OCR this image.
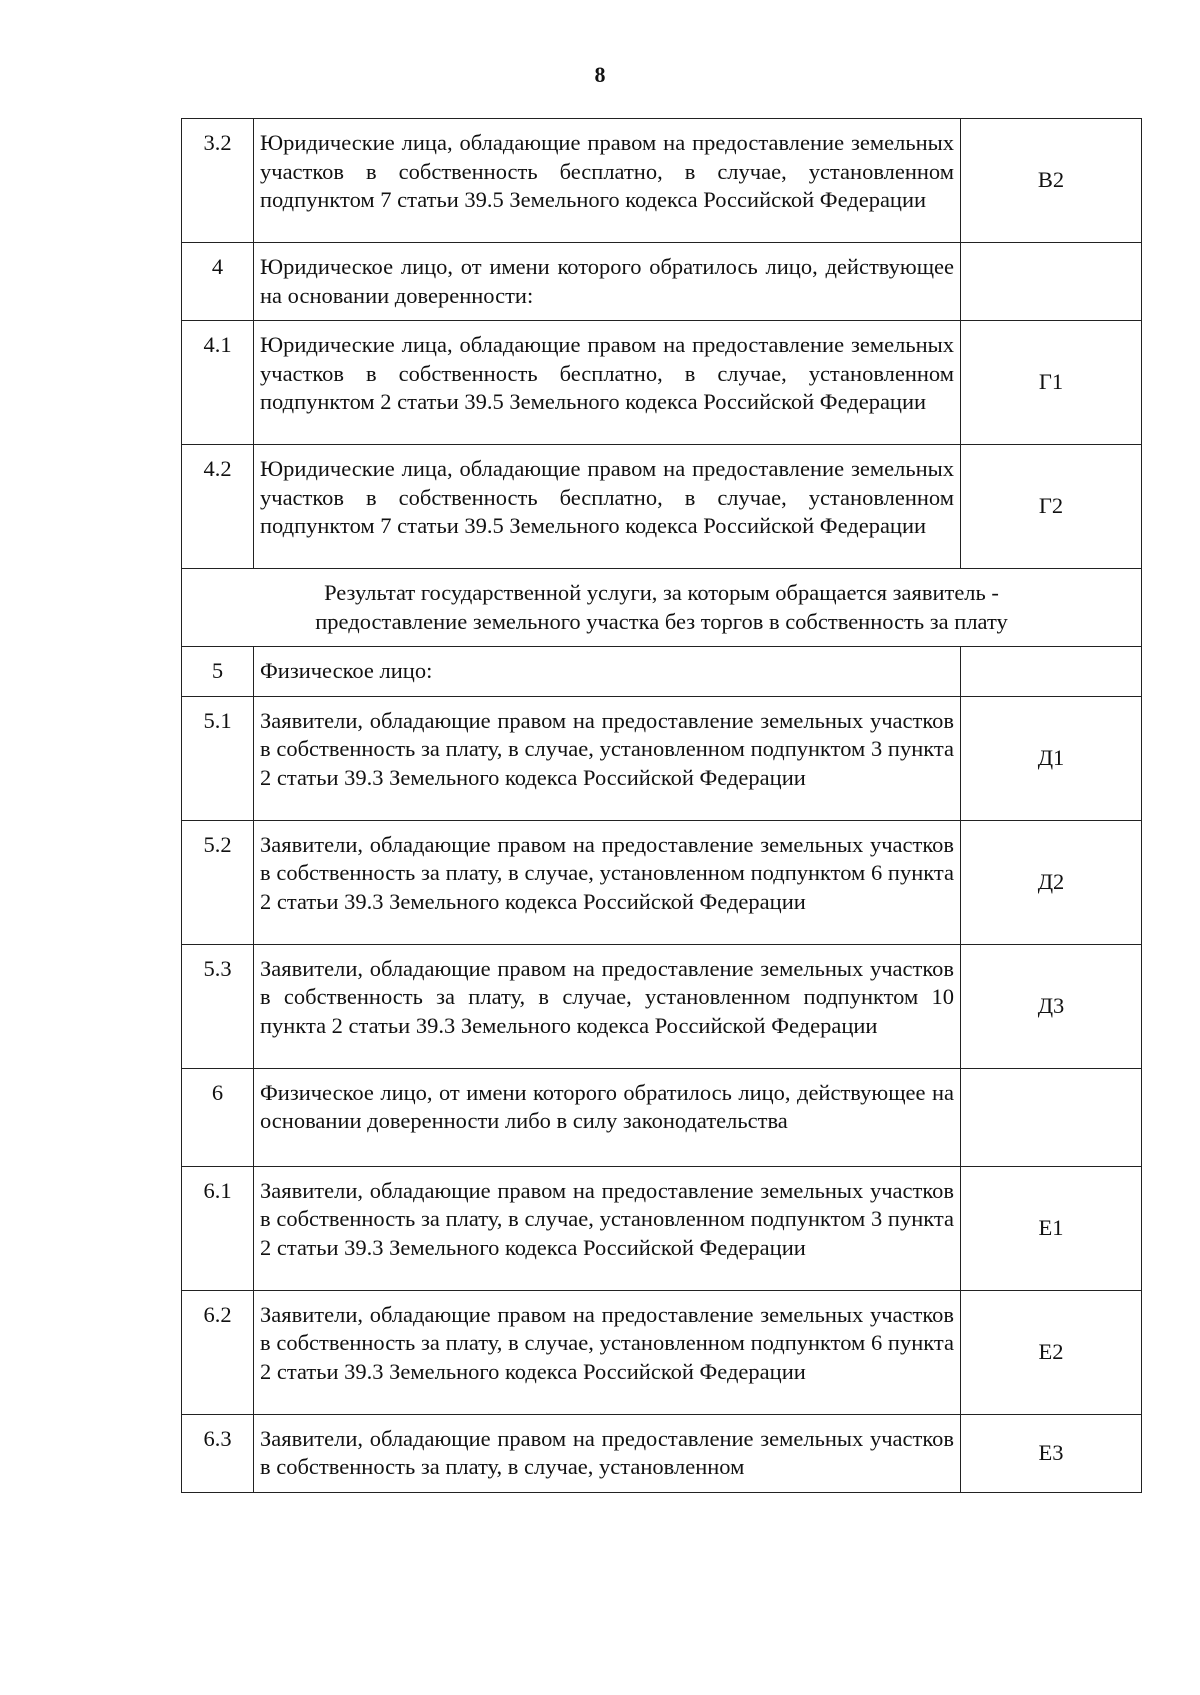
8
3.2	Юридические лица, обладающие правом на предоставление земельных участков в собственность бесплатно, в случае, установленном подпунктом 7 статьи 39.5 Земельного кодекса Российской Федерации	В2
4	Юридическое лицо, от имени которого обратилось лицо, действующее на основании доверенности:	
4.1	Юридические лица, обладающие правом на предоставление земельных участков в собственность бесплатно, в случае, установленном подпунктом 2 статьи 39.5 Земельного кодекса Российской Федерации	Г1
4.2	Юридические лица, обладающие правом на предоставление земельных участков в собственность бесплатно, в случае, установленном подпунктом 7 статьи 39.5 Земельного кодекса Российской Федерации	Г2

Результат государственной услуги, за которым обращается заявитель -
предоставление земельного участка без торгов в собственность за плату		

5	Физическое лицо:	
5.1	Заявители, обладающие правом на предоставление земельных участков в собственность за плату, в случае, установленном подпунктом 3 пункта 2 статьи 39.3 Земельного кодекса Российской Федерации	Д1
5.2	Заявители, обладающие правом на предоставление земельных участков в собственность за плату, в случае, установленном подпунктом 6 пункта 2 статьи 39.3 Земельного кодекса Российской Федерации	Д2
5.3	Заявители, обладающие правом на предоставление земельных участков в собственность за плату, в случае, установленном подпунктом 10 пункта 2 статьи 39.3 Земельного кодекса Российской Федерации	Д3
6	Физическое лицо, от имени которого обратилось лицо, действующее на основании доверенности либо в силу законодательства	
6.1	Заявители, обладающие правом на предоставление земельных участков в собственность за плату, в случае, установленном подпунктом 3 пункта 2 статьи 39.3 Земельного кодекса Российской Федерации	Е1
6.2	Заявители, обладающие правом на предоставление земельных участков в собственность за плату, в случае, установленном подпунктом 6 пункта 2 статьи 39.3 Земельного кодекса Российской Федерации	Е2
6.3	Заявители, обладающие правом на предоставление земельных участков в собственность за плату, в случае, установленном	Е3
